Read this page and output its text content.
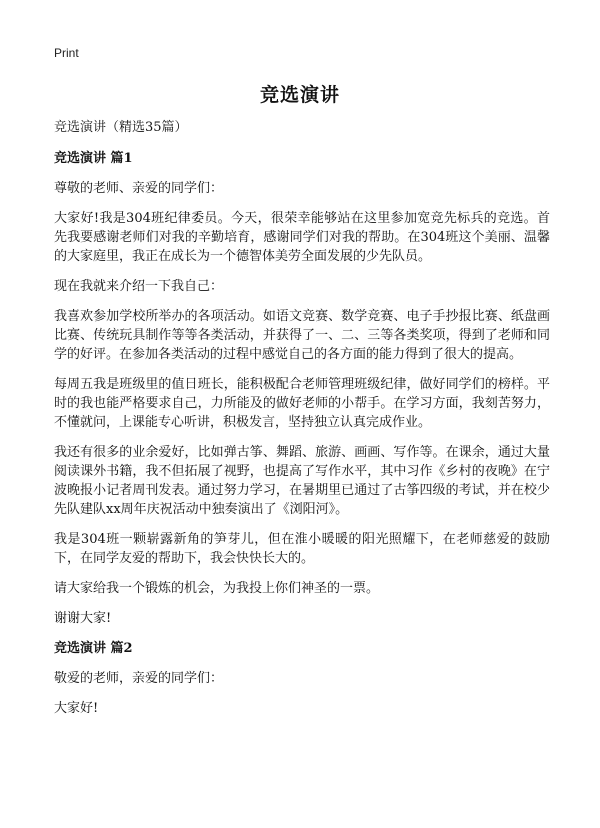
Print
竞选演讲

竞选演讲（精选35篇）

竞选演讲 篇1

尊敬的老师、亲爱的同学们：

大家好!我是304班纪律委员。今天，很荣幸能够站在这里参加宽竞先标兵的竞选。首先我要感谢老师们对我的辛勤培育，感谢同学们对我的帮助。在304班这个美丽、温馨的大家庭里，我正在成长为一个德智体美劳全面发展的少先队员。

现在我就来介绍一下我自己：

我喜欢参加学校所举办的各项活动。如语文竞赛、数学竞赛、电子手抄报比赛、纸盘画比赛、传统玩具制作等等各类活动，并获得了一、二、三等各类奖项，得到了老师和同学的好评。在参加各类活动的过程中感觉自己的各方面的能力得到了很大的提高。

每周五我是班级里的值日班长，能积极配合老师管理班级纪律，做好同学们的榜样。平时的我也能严格要求自己，力所能及的做好老师的小帮手。在学习方面，我刻苦努力，不懂就问，上课能专心听讲，积极发言，坚持独立认真完成作业。

我还有很多的业余爱好，比如弹古筝、舞蹈、旅游、画画、写作等。在课余，通过大量阅读课外书籍，我不但拓展了视野，也提高了写作水平，其中习作《乡村的夜晚》在宁波晚报小记者周刊发表。通过努力学习，在暑期里已通过了古筝四级的考试，并在校少先队建队xx周年庆祝活动中独奏演出了《浏阳河》。

我是304班一颗崭露新角的笋芽儿，但在淮小暖暖的阳光照耀下，在老师慈爱的鼓励下，在同学友爱的帮助下，我会快快长大的。

请大家给我一个锻炼的机会，为我投上你们神圣的一票。

谢谢大家!

竞选演讲 篇2

敬爱的老师，亲爱的同学们：

大家好!
